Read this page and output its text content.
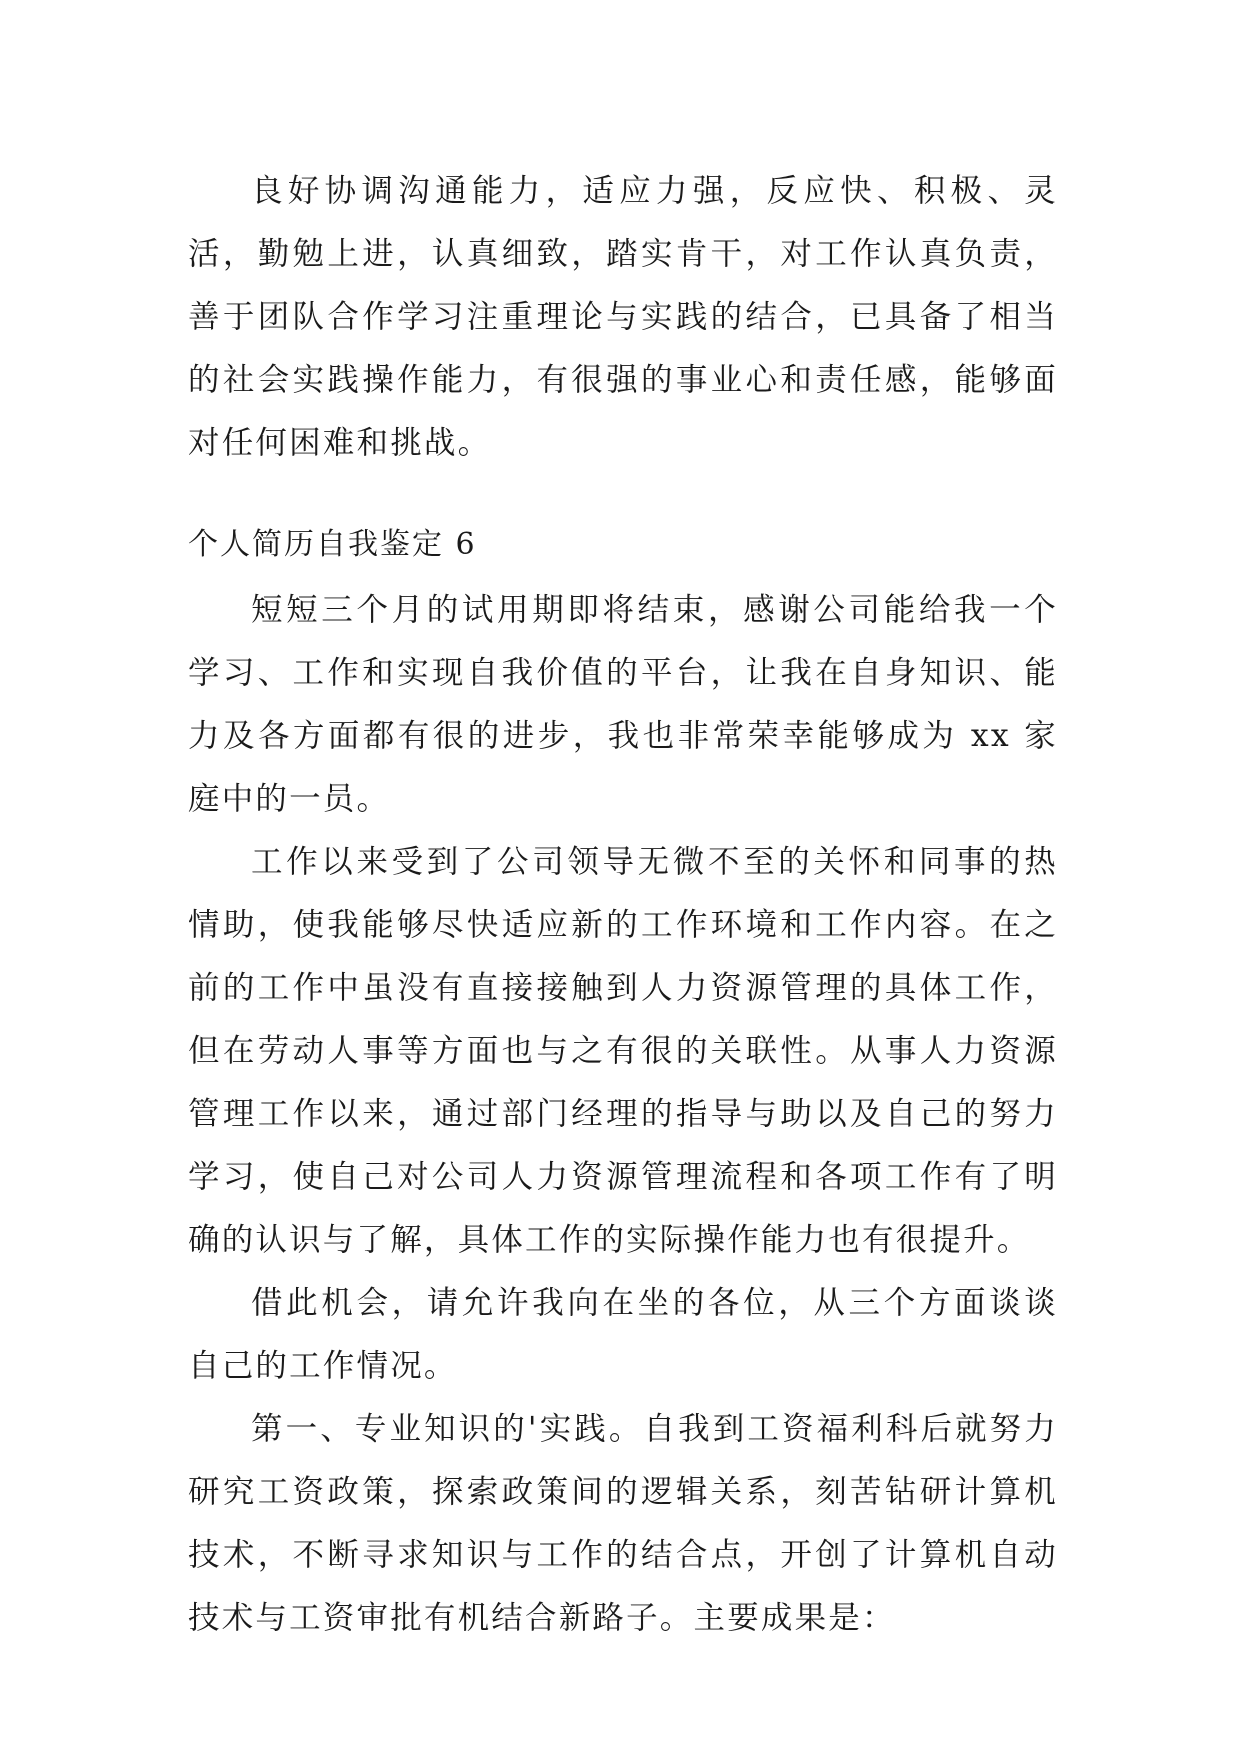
良好协调沟通能力，适应力强，反应快、积极、灵活，勤勉上进，认真细致，踏实肯干，对工作认真负责，善于团队合作学习注重理论与实践的结合，已具备了相当的社会实践操作能力，有很强的事业心和责任感，能够面对任何困难和挑战。

个人简历自我鉴定 6

短短三个月的试用期即将结束，感谢公司能给我一个学习、工作和实现自我价值的平台，让我在自身知识、能力及各方面都有很的进步，我也非常荣幸能够成为 xx 家庭中的一员。

工作以来受到了公司领导无微不至的关怀和同事的热情助，使我能够尽快适应新的工作环境和工作内容。在之前的工作中虽没有直接接触到人力资源管理的具体工作，但在劳动人事等方面也与之有很的关联性。从事人力资源管理工作以来，通过部门经理的指导与助以及自己的努力学习，使自己对公司人力资源管理流程和各项工作有了明确的认识与了解，具体工作的实际操作能力也有很提升。

借此机会，请允许我向在坐的各位，从三个方面谈谈自己的工作情况。

第一、专业知识的'实践。自我到工资福利科后就努力研究工资政策，探索政策间的逻辑关系，刻苦钻研计算机技术，不断寻求知识与工作的结合点，开创了计算机自动技术与工资审批有机结合新路子。主要成果是：
